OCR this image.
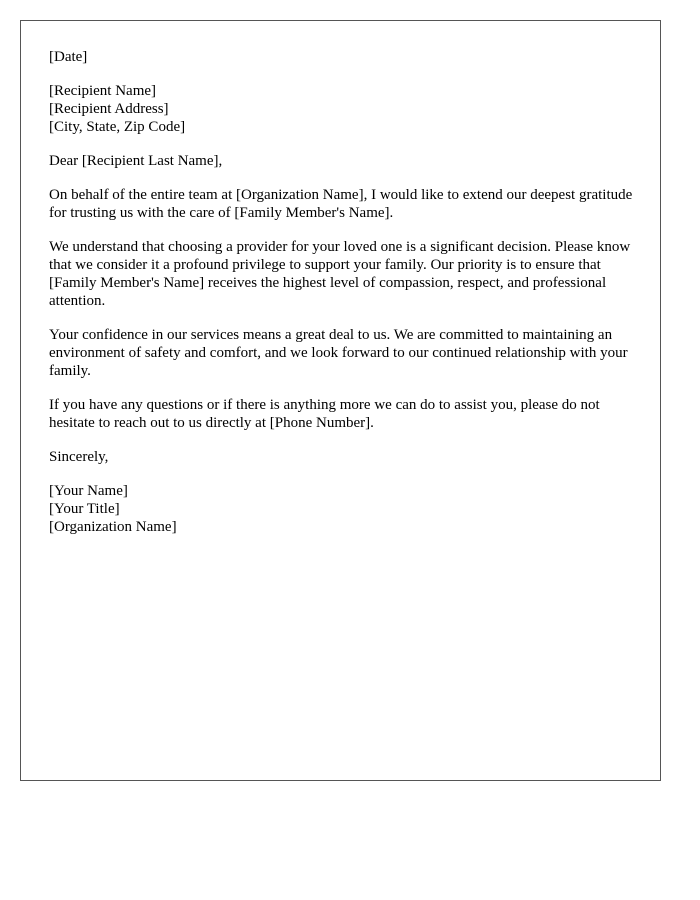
[Date]

[Recipient Name]
[Recipient Address]
[City, State, Zip Code]

Dear [Recipient Last Name],

On behalf of the entire team at [Organization Name], I would like to extend our deepest gratitude for trusting us with the care of [Family Member's Name].

We understand that choosing a provider for your loved one is a significant decision. Please know that we consider it a profound privilege to support your family. Our priority is to ensure that [Family Member's Name] receives the highest level of compassion, respect, and professional attention.

Your confidence in our services means a great deal to us. We are committed to maintaining an environment of safety and comfort, and we look forward to our continued relationship with your family.

If you have any questions or if there is anything more we can do to assist you, please do not hesitate to reach out to us directly at [Phone Number].

Sincerely,

[Your Name]
[Your Title]
[Organization Name]
